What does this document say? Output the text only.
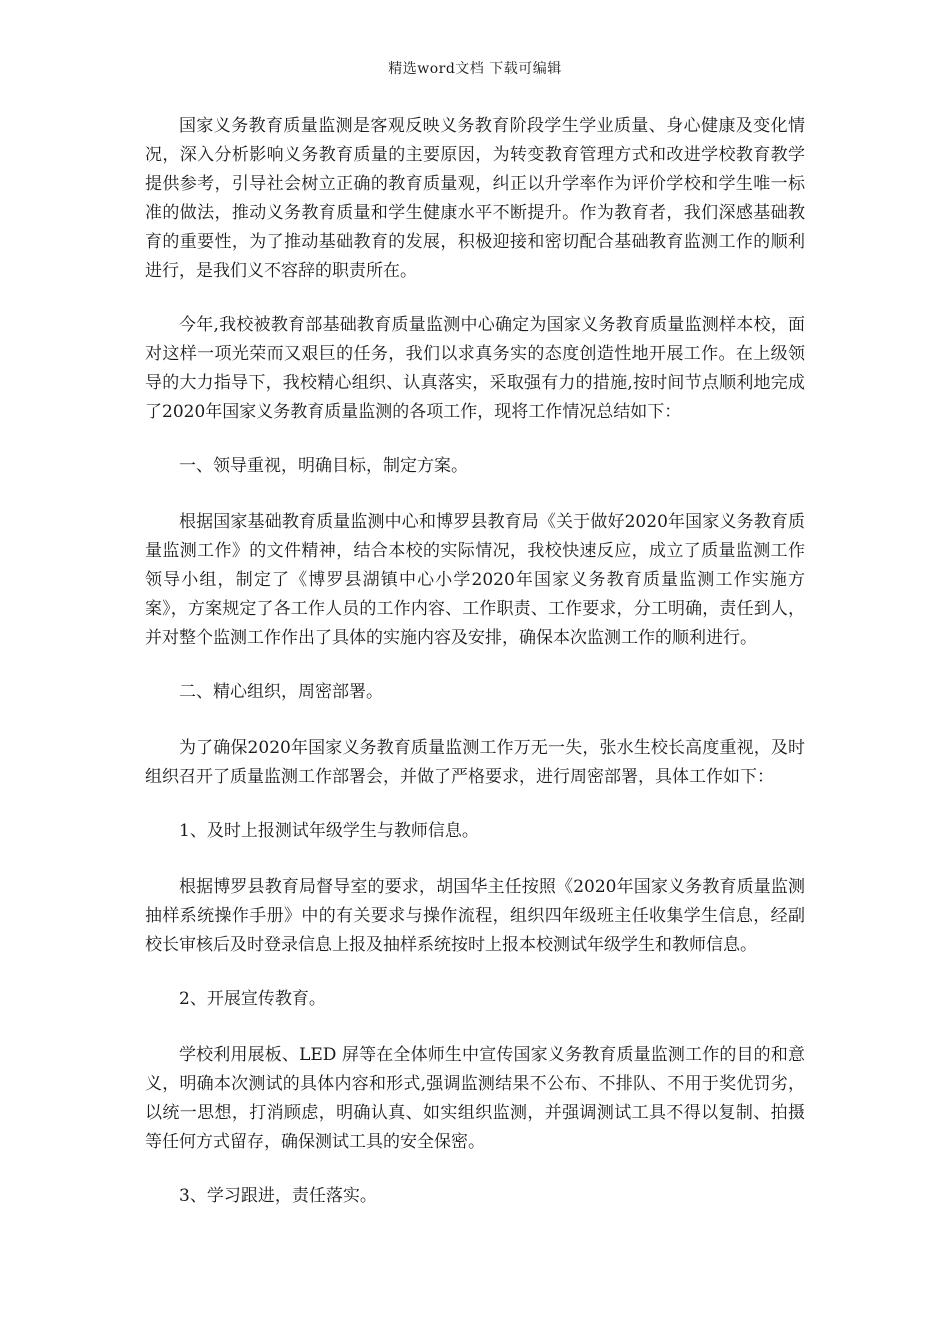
精选word文档 下载可编辑

国家义务教育质量监测是客观反映义务教育阶段学生学业质量、身心健康及变化情况，深入分析影响义务教育质量的主要原因，为转变教育管理方式和改进学校教育教学提供参考，引导社会树立正确的教育质量观，纠正以升学率作为评价学校和学生唯一标准的做法，推动义务教育质量和学生健康水平不断提升。作为教育者，我们深感基础教育的重要性，为了推动基础教育的发展，积极迎接和密切配合基础教育监测工作的顺利进行，是我们义不容辞的职责所在。

今年,我校被教育部基础教育质量监测中心确定为国家义务教育质量监测样本校，面对这样一项光荣而又艰巨的任务，我们以求真务实的态度创造性地开展工作。在上级领导的大力指导下，我校精心组织、认真落实，采取强有力的措施,按时间节点顺利地完成了2020年国家义务教育质量监测的各项工作，现将工作情况总结如下：

一、领导重视，明确目标，制定方案。

根据国家基础教育质量监测中心和博罗县教育局《关于做好2020年国家义务教育质量监测工作》的文件精神，结合本校的实际情况，我校快速反应，成立了质量监测工作领导小组，制定了《博罗县湖镇中心小学2020年国家义务教育质量监测工作实施方案》，方案规定了各工作人员的工作内容、工作职责、工作要求，分工明确，责任到人，并对整个监测工作作出了具体的实施内容及安排，确保本次监测工作的顺利进行。

二、精心组织，周密部署。

为了确保2020年国家义务教育质量监测工作万无一失，张水生校长高度重视，及时组织召开了质量监测工作部署会，并做了严格要求，进行周密部署，具体工作如下：

1、及时上报测试年级学生与教师信息。

根据博罗县教育局督导室的要求，胡国华主任按照《2020年国家义务教育质量监测抽样系统操作手册》中的有关要求与操作流程，组织四年级班主任收集学生信息，经副校长审核后及时登录信息上报及抽样系统按时上报本校测试年级学生和教师信息。

2、开展宣传教育。

学校利用展板、LED 屏等在全体师生中宣传国家义务教育质量监测工作的目的和意义，明确本次测试的具体内容和形式,强调监测结果不公布、不排队、不用于奖优罚劣，以统一思想，打消顾虑，明确认真、如实组织监测，并强调测试工具不得以复制、拍摄等任何方式留存，确保测试工具的安全保密。

3、学习跟进，责任落实。
